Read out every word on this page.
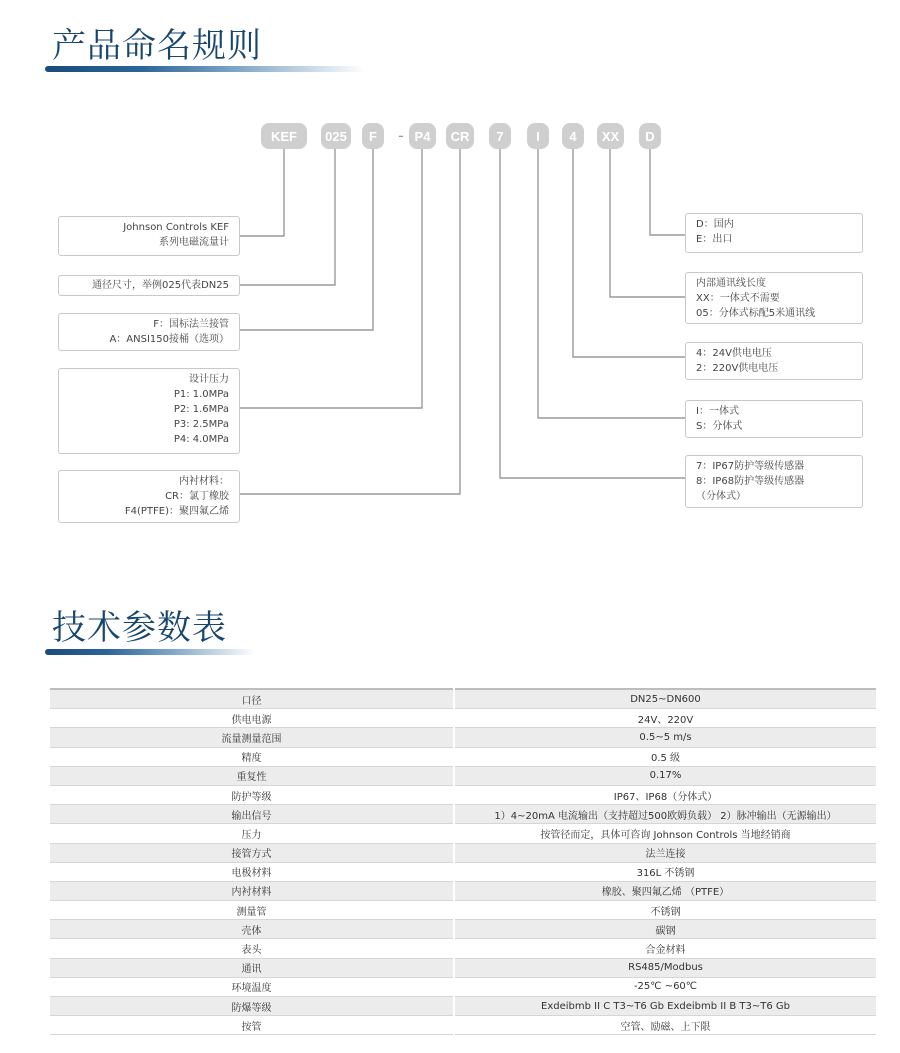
产品命名规则
KEF	025	F	- P4	CR	7	I	4	XX	D
Johnson Controls KEF
系列电磁流量计
通径尺寸，举例025代表DN25
F：国标法兰接管
A：ANSI150接桶（选项）
设计压力
P1: 1.0MPa
P2: 1.6MPa
P3: 2.5MPa
P4: 4.0MPa
内衬材料：
CR：氯丁橡胶
F4(PTFE)：聚四氟乙烯
D：国内
E：出口
内部通讯线长度
XX：一体式不需要
05：分体式标配5米通讯线
4：24V供电电压
2：220V供电电压
I：一体式
S：分体式
7：IP67防护等级传感器
8：IP68防护等级传感器
（分体式）
技术参数表
口径	DN25~DN600
供电电源	24V、220V
流量测量范围	0.5~5 m/s
精度	0.5 级
重复性	0.17%
防护等级	IP67、IP68（分体式）
输出信号	1）4~20mA 电流输出（支持超过500欧姆负载） 2）脉冲输出（无源输出）
压力	按管径而定，具体可咨询 Johnson Controls 当地经销商
接管方式	法兰连接
电极材料	316L 不锈钢
内衬材料	橡胶、聚四氟乙烯 （PTFE）
测量管	不锈钢
壳体	碳钢
表头	合金材料
通讯	RS485/Modbus
环境温度	-25℃ ~60℃
防爆等级	Exdeibmb II C T3~T6 Gb Exdeibmb II B T3~T6 Gb
按管	空管、励磁、上下限
